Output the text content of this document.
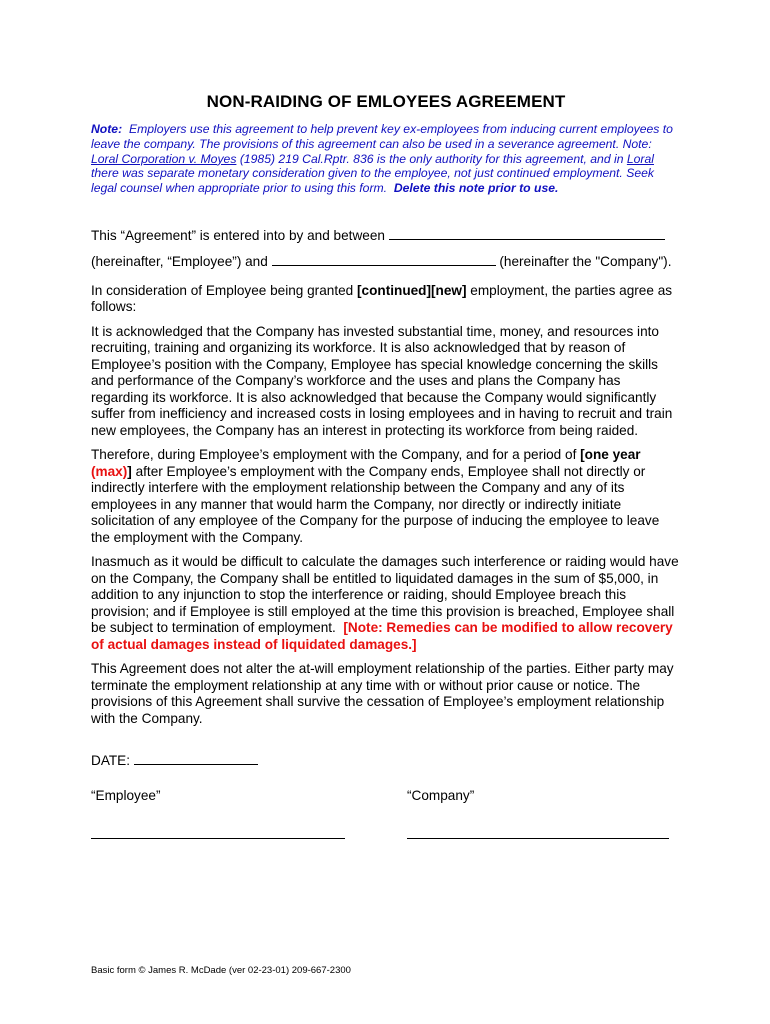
NON-RAIDING OF EMLOYEES AGREEMENT
Note: Employers use this agreement to help prevent key ex-employees from inducing current employees to leave the company. The provisions of this agreement can also be used in a severance agreement. Note:  Loral Corporation v. Moyes (1985) 219 Cal.Rptr. 836 is the only authority for this agreement, and in Loral there was separate monetary consideration given to the employee, not just continued employment. Seek legal counsel when appropriate prior to using this form. Delete this note prior to use.

This “Agreement” is entered into by and between

(hereinafter, “Employee”) and	(hereinafter the "Company").

In consideration of Employee being granted [continued][new] employment, the parties agree as follows:

It is acknowledged that the Company has invested substantial time, money, and resources into recruiting, training and organizing its workforce. It is also acknowledged that by reason of Employee’s position with the Company, Employee has special knowledge concerning the skills and performance of the Company’s workforce and the uses and plans the Company has regarding its workforce. It is also acknowledged that because the Company would significantly suffer from inefficiency and increased costs in losing employees and in having to recruit and train new employees, the Company has an interest in protecting its workforce from being raided.

Therefore, during Employee’s employment with the Company, and for a period of [one year (max)] after Employee’s employment with the Company ends, Employee shall not directly or indirectly interfere with the employment relationship between the Company and any of its employees in any manner that would harm the Company, nor directly or indirectly initiate solicitation of any employee of the Company for the purpose of inducing the employee to leave the employment with the Company.

Inasmuch as it would be difficult to calculate the damages such interference or raiding would have on the Company, the Company shall be entitled to liquidated damages in the sum of $5,000, in addition to any injunction to stop the interference or raiding, should Employee breach this provision; and if Employee is still employed at the time this provision is breached, Employee shall be subject to termination of employment. [Note: Remedies can be modified to allow recovery of actual damages instead of liquidated damages.]

This Agreement does not alter the at-will employment relationship of the parties. Either party may terminate the employment relationship at any time with or without prior cause or notice. The provisions of this Agreement shall survive the cessation of Employee’s employment relationship with the Company.

DATE:
“Employee”	“Company”
Basic form © James R. McDade (ver 02-23-01) 209-667-2300
